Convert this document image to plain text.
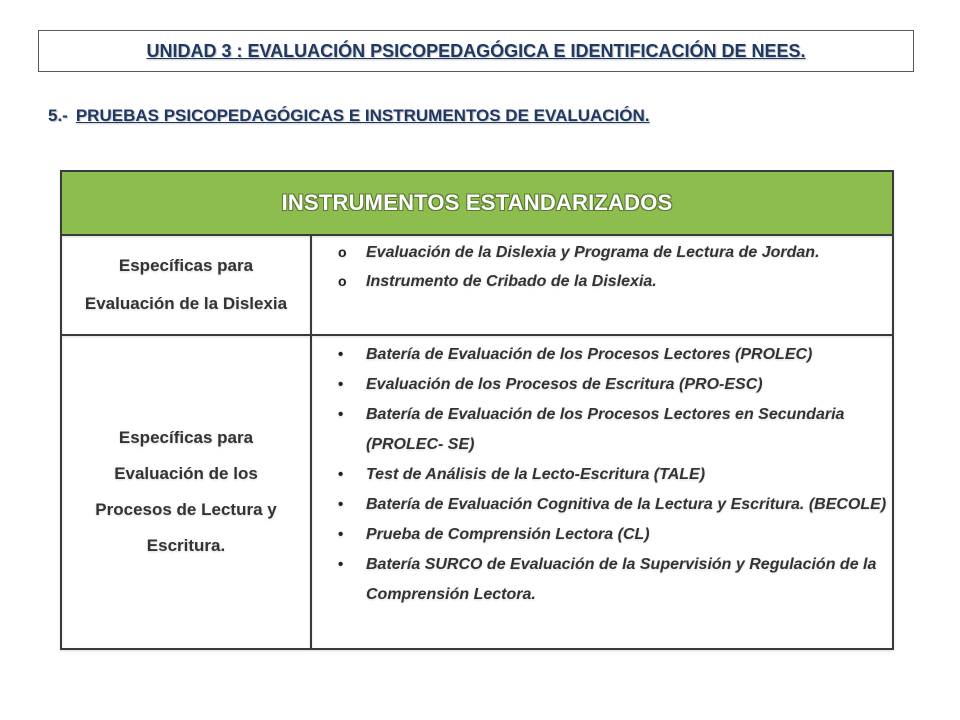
UNIDAD 3 : EVALUACIÓN PSICOPEDAGÓGICA E IDENTIFICACIÓN DE NEES.
5.- PRUEBAS PSICOPEDAGÓGICAS E INSTRUMENTOS DE EVALUACIÓN.
INSTRUMENTOS ESTANDARIZADOS
Específicas para Evaluación de la Dislexia
o Evaluación de la Dislexia y Programa de Lectura de Jordan.
o Instrumento de Cribado de la Dislexia.
Específicas para Evaluación de los Procesos de Lectura y Escritura.
• Batería de Evaluación de los Procesos Lectores (PROLEC)
• Evaluación de los Procesos de Escritura (PRO-ESC)
• Batería de Evaluación de los Procesos Lectores en Secundaria (PROLEC- SE)
• Test de Análisis de la Lecto-Escritura (TALE)
• Batería de Evaluación Cognitiva de la Lectura y Escritura. (BECOLE)
• Prueba de Comprensión Lectora (CL)
• Batería SURCO de Evaluación de la Supervisión y Regulación de la Comprensión Lectora.
